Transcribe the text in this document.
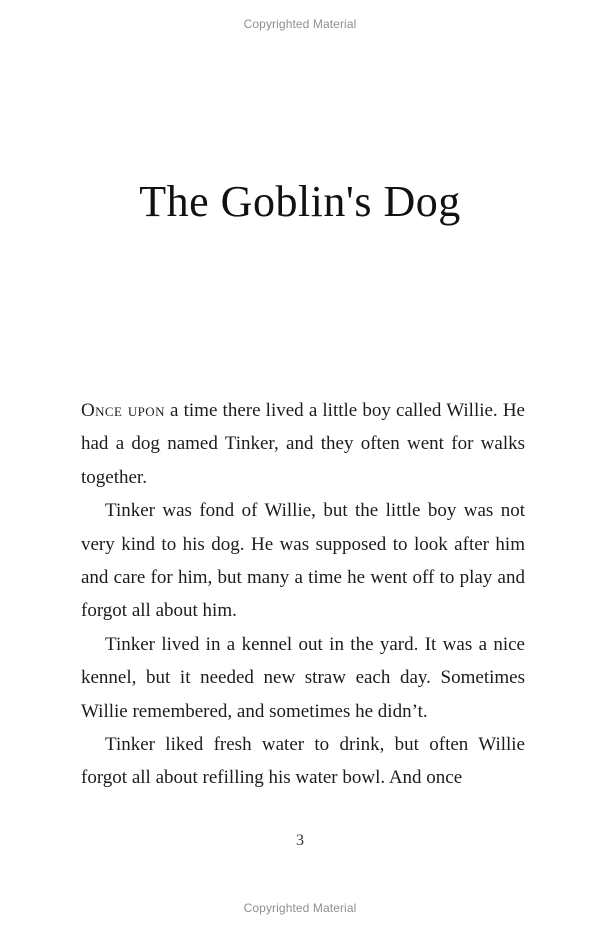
Copyrighted Material
The Goblin's Dog

Once upon a time there lived a little boy called Willie. He had a dog named Tinker, and they often went for walks together.

Tinker was fond of Willie, but the little boy was not very kind to his dog. He was supposed to look after him and care for him, but many a time he went off to play and forgot all about him.

Tinker lived in a kennel out in the yard. It was a nice kennel, but it needed new straw each day. Sometimes Willie remembered, and sometimes he didn’t.

Tinker liked fresh water to drink, but often Willie forgot all about refilling his water bowl. And once

3
Copyrighted Material
